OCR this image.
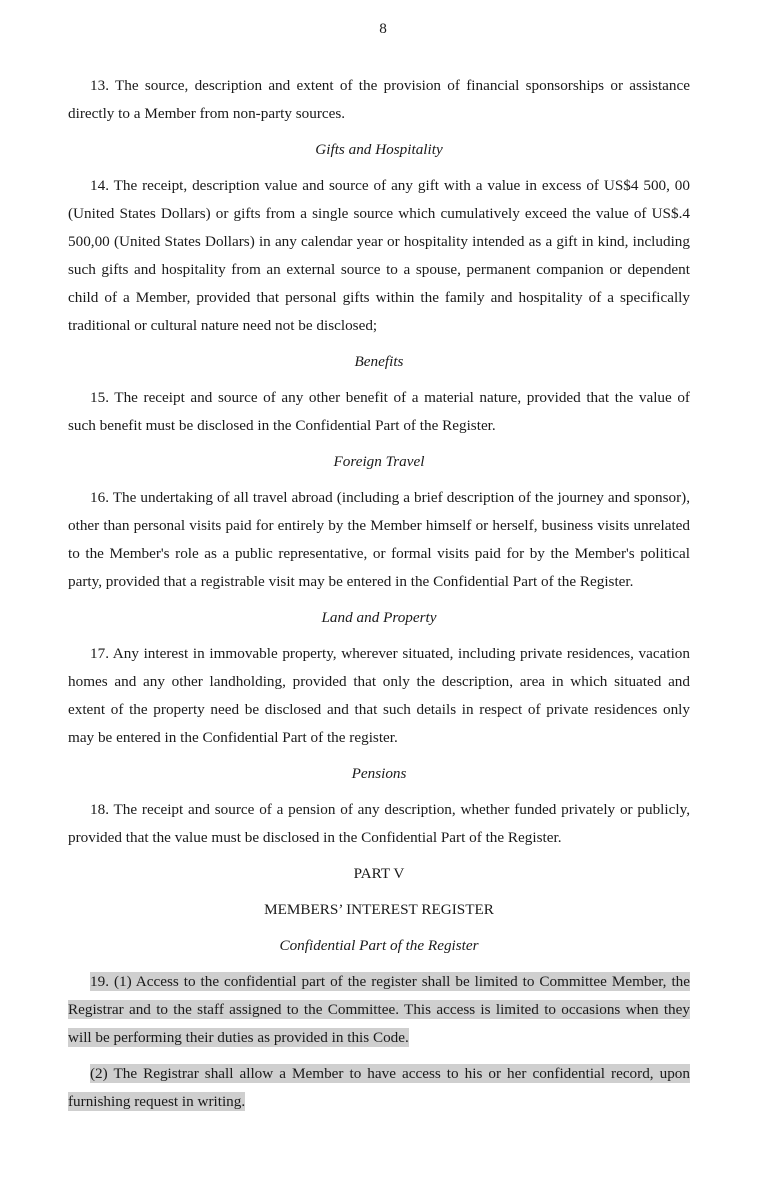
8

13. The source, description and extent of the provision of financial sponsorships or assistance directly to a Member from non-party sources.

Gifts and Hospitality

14. The receipt, description value and source of any gift with a value in excess of US$4 500, 00 (United States Dollars) or gifts from a single source which cumulatively exceed the value of US$.4 500,00 (United States Dollars) in any calendar year or hospitality intended as a gift in kind, including such gifts and hospitality from an external source to a spouse, permanent companion or dependent child of a Member, provided that personal gifts within the family and hospitality of a specifically traditional or cultural nature need not be disclosed;

Benefits

15. The receipt and source of any other benefit of a material nature, provided that the value of such benefit must be disclosed in the Confidential Part of the Register.

Foreign Travel

16. The undertaking of all travel abroad (including a brief description of the journey and sponsor), other than personal visits paid for entirely by the Member himself or herself, business visits unrelated to the Member's role as a public representative, or formal visits paid for by the Member's political party, provided that a registrable visit may be entered in the Confidential Part of the Register.

Land and Property

17. Any interest in immovable property, wherever situated, including private residences, vacation homes and any other landholding, provided that only the description, area in which situated and extent of the property need be disclosed and that such details in respect of private residences only may be entered in the Confidential Part of the register.

Pensions

18. The receipt and source of a pension of any description, whether funded privately or publicly, provided that the value must be disclosed in the Confidential Part of the Register.

PART V

MEMBERS’ INTEREST REGISTER

Confidential Part of the Register

19. (1) Access to the confidential part of the register shall be limited to Committee Member, the Registrar and to the staff assigned to the Committee. This access is limited to occasions when they will be performing their duties as provided in this Code.

(2) The Registrar shall allow a Member to have access to his or her confidential record, upon furnishing request in writing.
